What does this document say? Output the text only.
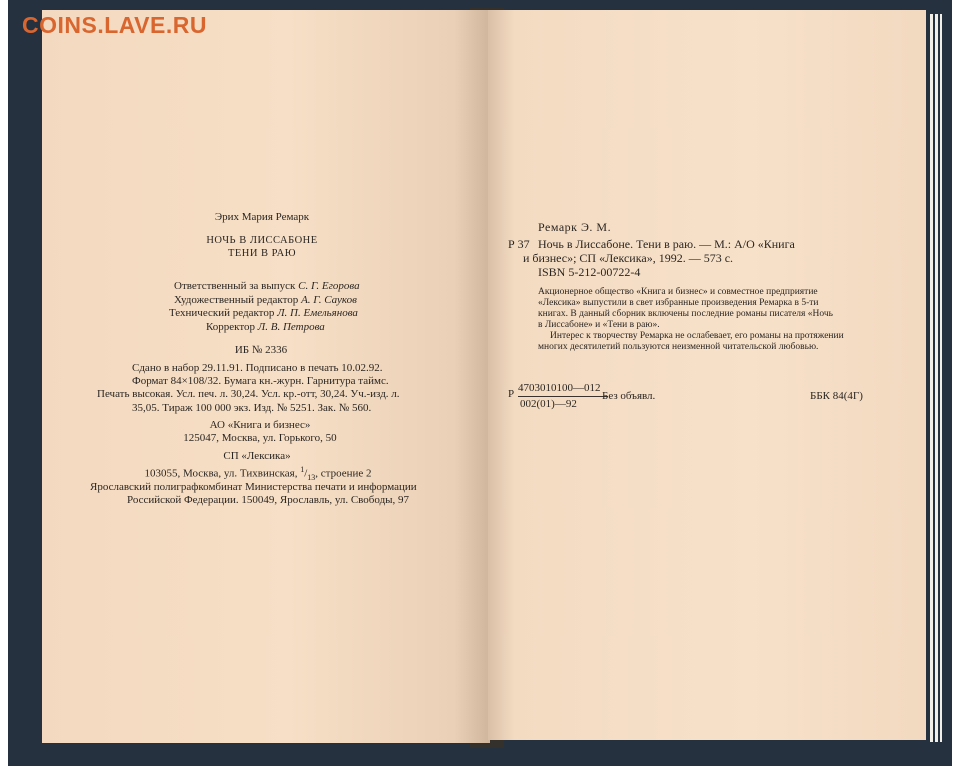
Эрих Мария Ремарк
НОЧЬ В ЛИССАБОНЕ
ТЕНИ В РАЮ
Ответственный за выпуск С. Г. Егорова
Художественный редактор А. Г. Сауков
Технический редактор Л. П. Емельянова
Корректор Л. В. Петрова
ИБ № 2336
Сдано в набор 29.11.91. Подписано в печать 10.02.92.
Формат 84×108/32. Бумага кн.-журн. Гарнитура таймс.
Печать высокая. Усл. печ. л. 30,24. Усл. кр.-отт, 30,24. Уч.-изд. л.
35,05. Тираж 100 000 экз. Изд. № 5251. Зак. № 560.
АО «Книга и бизнес»
125047, Москва, ул. Горького, 50
СП «Лексика»
103055, Москва, ул. Тихвинская, $^1/_{13}$, строение 2
Ярославский полиграфкомбинат Министерства печати и информации
Российской Федерации. 150049, Ярославль, ул. Свободы, 97
Ремарк Э. М.
Р 37 Ночь в Лиссабоне. Тени в раю. — М.: А/О «Книга
и бизнес»; СП «Лексика», 1992. — 573 с.
ISBN 5-212-00722-4
Акционерное общество «Книга и бизнес» и совместное предприятие
«Лексика» выпустили в свет избранные произведения Ремарка в 5-ти
книгах. В данный сборник включены последние романы писателя «Ночь
в Лиссабоне» и «Тени в раю».
Интерес к творчеству Ремарка не ослабевает, его романы на протяжении
многих десятилетий пользуются неизменной читательской любовью.
Р 4703010100—012
002(01)—92
Без объявл.	ББК 84(4Г)
COINS.LAVE.RU
